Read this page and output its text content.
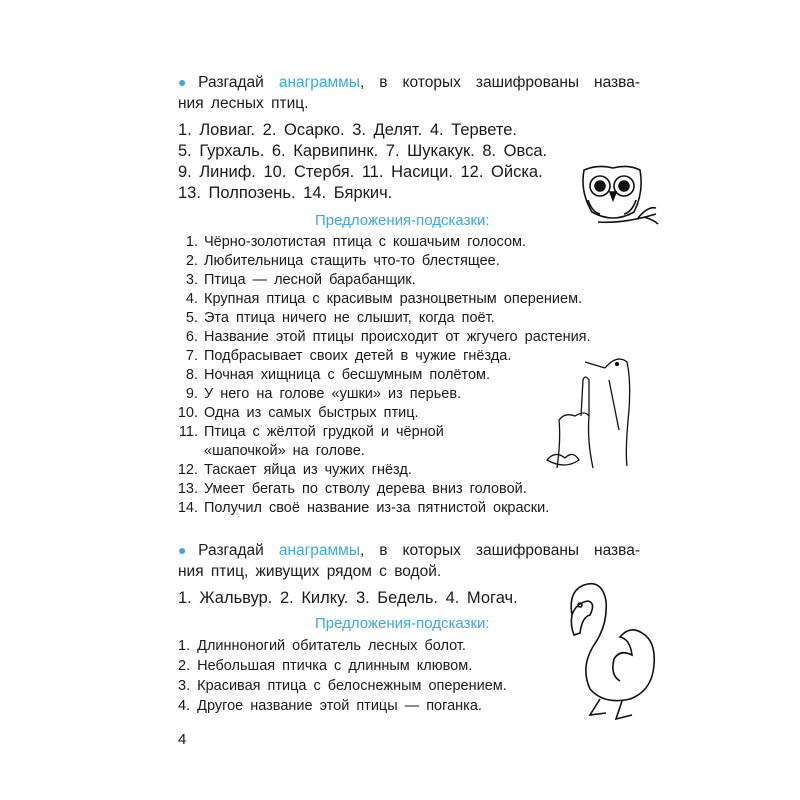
● Разгадай анаграммы, в которых зашифрованы назва-
ния лесных птиц.
1. Ловиаг. 2. Осарко. 3. Делят. 4. Тервете.
5. Гурхаль. 6. Карвипинк. 7. Шукакук. 8. Овса.
9. Линиф. 10. Стербя. 11. Насици. 12. Ойска.
13. Полпозень. 14. Бяркич.
Предложения-подсказки:
1. Чёрно-золотистая птица с кошачьим голосом.
2. Любительница стащить что-то блестящее.
3. Птица — лесной барабанщик.
4. Крупная птица с красивым разноцветным оперением.
5. Эта птица ничего не слышит, когда поёт.
6. Название этой птицы происходит от жгучего растения.
7. Подбрасывает своих детей в чужие гнёзда.
8. Ночная хищница с бесшумным полётом.
9. У него на голове «ушки» из перьев.
10. Одна из самых быстрых птиц.
11. Птица с жёлтой грудкой и чёрной
«шапочкой» на голове.
12. Таскает яйца из чужих гнёзд.
13. Умеет бегать по стволу дерева вниз головой.
14. Получил своё название из-за пятнистой окраски.
● Разгадай анаграммы, в которых зашифрованы назва-
ния птиц, живущих рядом с водой.
1. Жальвур. 2. Килку. 3. Бедель. 4. Могач.
Предложения-подсказки:
1. Длинноногий обитатель лесных болот.
2. Небольшая птичка с длинным клювом.
3. Красивая птица с белоснежным оперением.
4. Другое название этой птицы — поганка.
4
